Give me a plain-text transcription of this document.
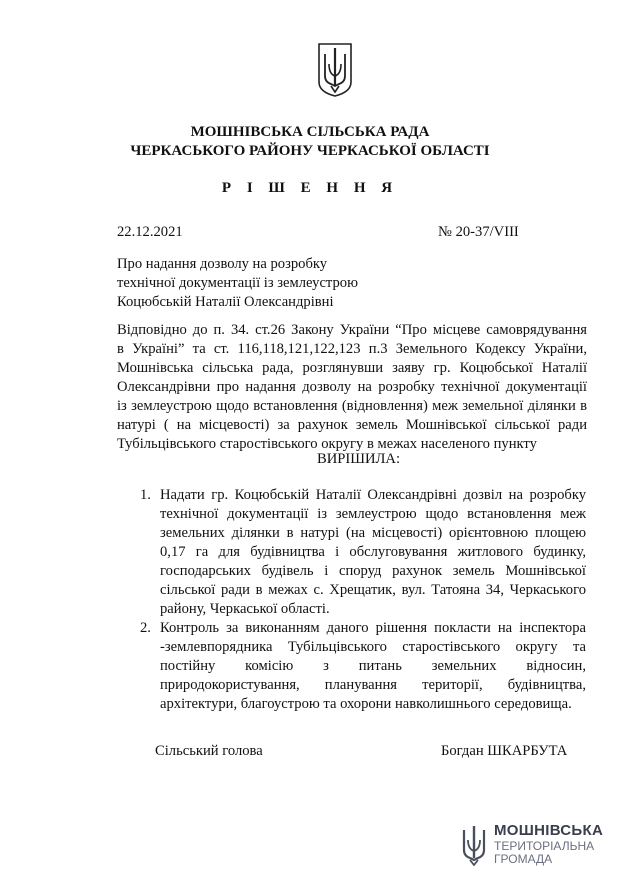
МОШНІВСЬКА СІЛЬСЬКА РАДА
ЧЕРКАСЬКОГО РАЙОНУ ЧЕРКАСЬКОЇ ОБЛАСТІ
Р І Ш Е Н Н Я
22.12.2021	№ 20-37/VIII
Про надання дозволу на розробку
технічної документації із землеустрою
Коцюбській Наталії Олександрівні
Відповідно до п. 34. ст.26 Закону України “Про місцеве самоврядування
в Україні” та ст. 116,118,121,122,123 п.3 Земельного Кодексу України,
Мошнівська сільська рада, розглянувши заяву гр. Коцюбської Наталії
Олександрівни про надання дозволу на розробку технічної документації
із землеустрою щодо встановлення (відновлення) меж земельної ділянки в
натурі ( на місцевості) за рахунок земель Мошнівської сільської ради
Тубільцівського старостівського округу в межах населеного пункту
ВИРІШИЛА:
1. Надати гр. Коцюбській Наталії Олександрівні дозвіл на розробку
технічної документації із землеустрою щодо встановлення меж
земельних ділянки в натурі (на місцевості) орієнтовною площею
0,17 га для будівництва і обслуговування житлового будинку,
господарських будівель і споруд рахунок земель Мошнівської
сільської ради в межах с. Хрещатик, вул. Татояна 34, Черкаського
району, Черкаської області.
2. Контроль за виконанням даного рішення покласти на інспектора
-землевпорядника Тубільцівського старостівського округу та
постійну комісію з питань земельних відносин,
природокористування, планування території, будівництва,
архітектури, благоустрою та охорони навколишнього середовища.
Сільський голова	Богдан ШКАРБУТА
МОШНІВСЬКА
ТЕРИТОРІАЛЬНА
ГРОМАДА
